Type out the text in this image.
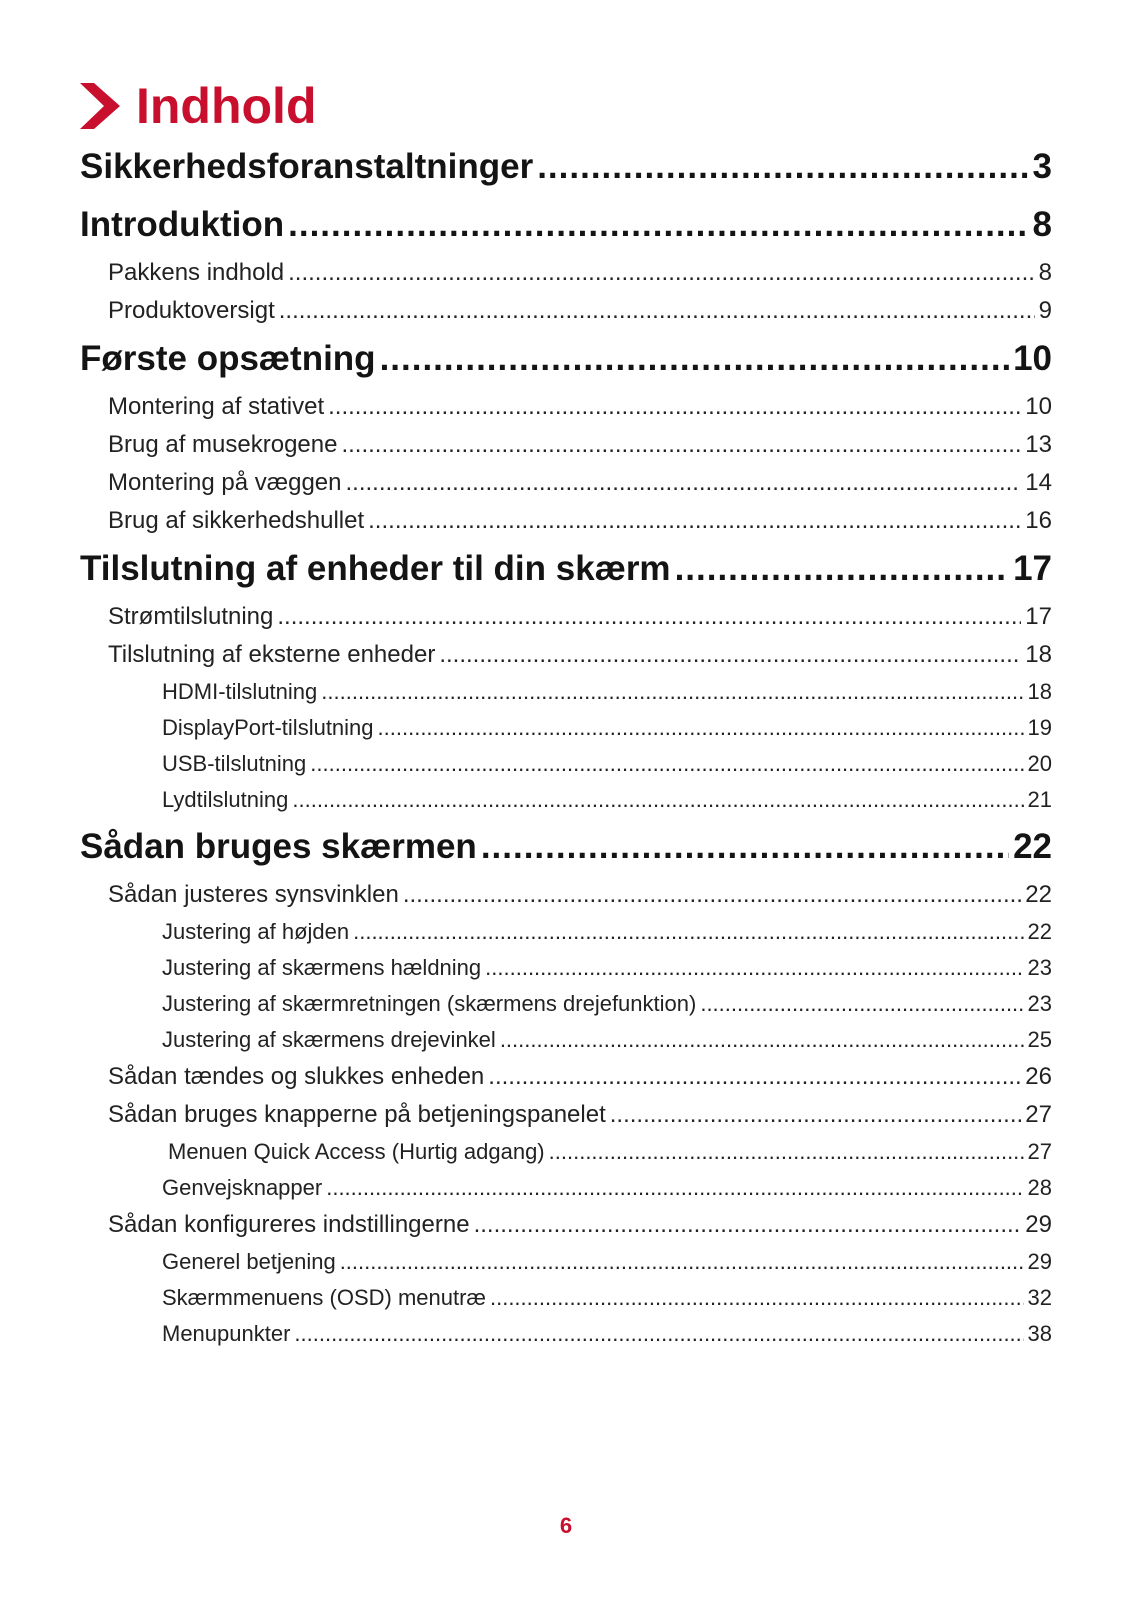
Indhold
Sikkerhedsforanstaltninger .....	3
Introduktion .....	8
Pakkens indhold .....	8
Produktoversigt .....	9
Første opsætning .....	10
Montering af stativet .....	10
Brug af musekrogene .....	13
Montering på væggen .....	14
Brug af sikkerhedshullet .....	16
Tilslutning af enheder til din skærm .....	17
Strømtilslutning .....	17
Tilslutning af eksterne enheder .....	18
HDMI-tilslutning .....	18
DisplayPort-tilslutning .....	19
USB-tilslutning .....	20
Lydtilslutning .....	21
Sådan bruges skærmen .....	22
Sådan justeres synsvinklen .....	22
Justering af højden .....	22
Justering af skærmens hældning .....	23
Justering af skærmretningen (skærmens drejefunktion) .....	23
Justering af skærmens drejevinkel .....	25
Sådan tændes og slukkes enheden .....	26
Sådan bruges knapperne på betjeningspanelet .....	27
Menuen Quick Access (Hurtig adgang) .....	27
Genvejsknapper .....	28
Sådan konfigureres indstillingerne .....	29
Generel betjening .....	29
Skærmmenuens (OSD) menutræ .....	32
Menupunkter .....	38
6
